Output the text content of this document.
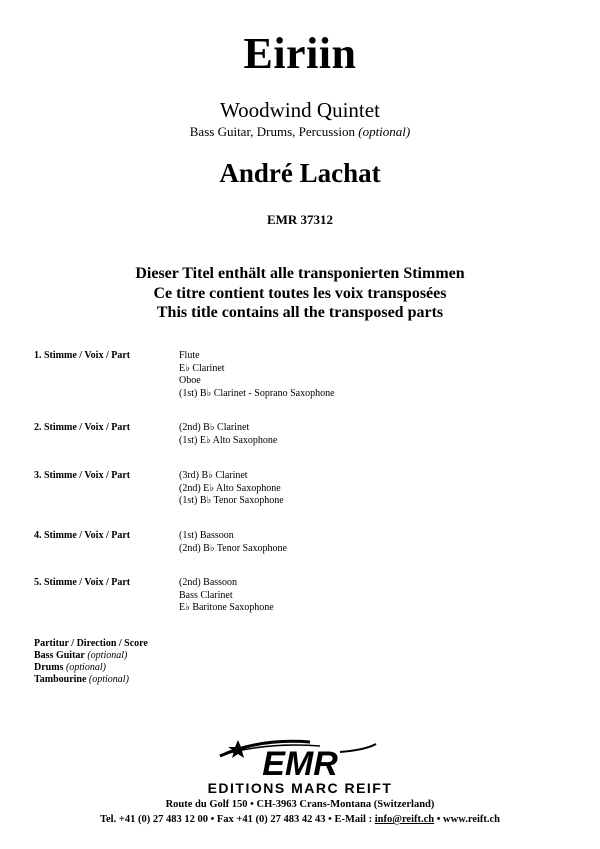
Eiriin
Woodwind Quintet
Bass Guitar, Drums, Percussion (optional)
André Lachat
EMR 37312
Dieser Titel enthält alle transponierten Stimmen
Ce titre contient toutes les voix transposées
This title contains all the transposed parts
1. Stimme / Voix / Part	Flute
E♭ Clarinet
Oboe
(1st) B♭ Clarinet - Soprano Saxophone
2. Stimme / Voix / Part	(2nd) B♭ Clarinet
(1st) E♭ Alto Saxophone
3. Stimme / Voix / Part	(3rd) B♭ Clarinet
(2nd) E♭ Alto Saxophone
(1st) B♭ Tenor Saxophone
4. Stimme / Voix / Part	(1st) Bassoon
(2nd) B♭ Tenor Saxophone
5. Stimme / Voix / Part	(2nd) Bassoon
Bass Clarinet
E♭ Baritone Saxophone
Partitur / Direction / Score
Bass Guitar (optional)
Drums (optional)
Tambourine (optional)
EMR
EDITIONS MARC REIFT
Route du Golf 150 • CH-3963 Crans-Montana (Switzerland)
Tel. +41 (0) 27 483 12 00 • Fax +41 (0) 27 483 42 43 • E-Mail : info@reift.ch • www.reift.ch
